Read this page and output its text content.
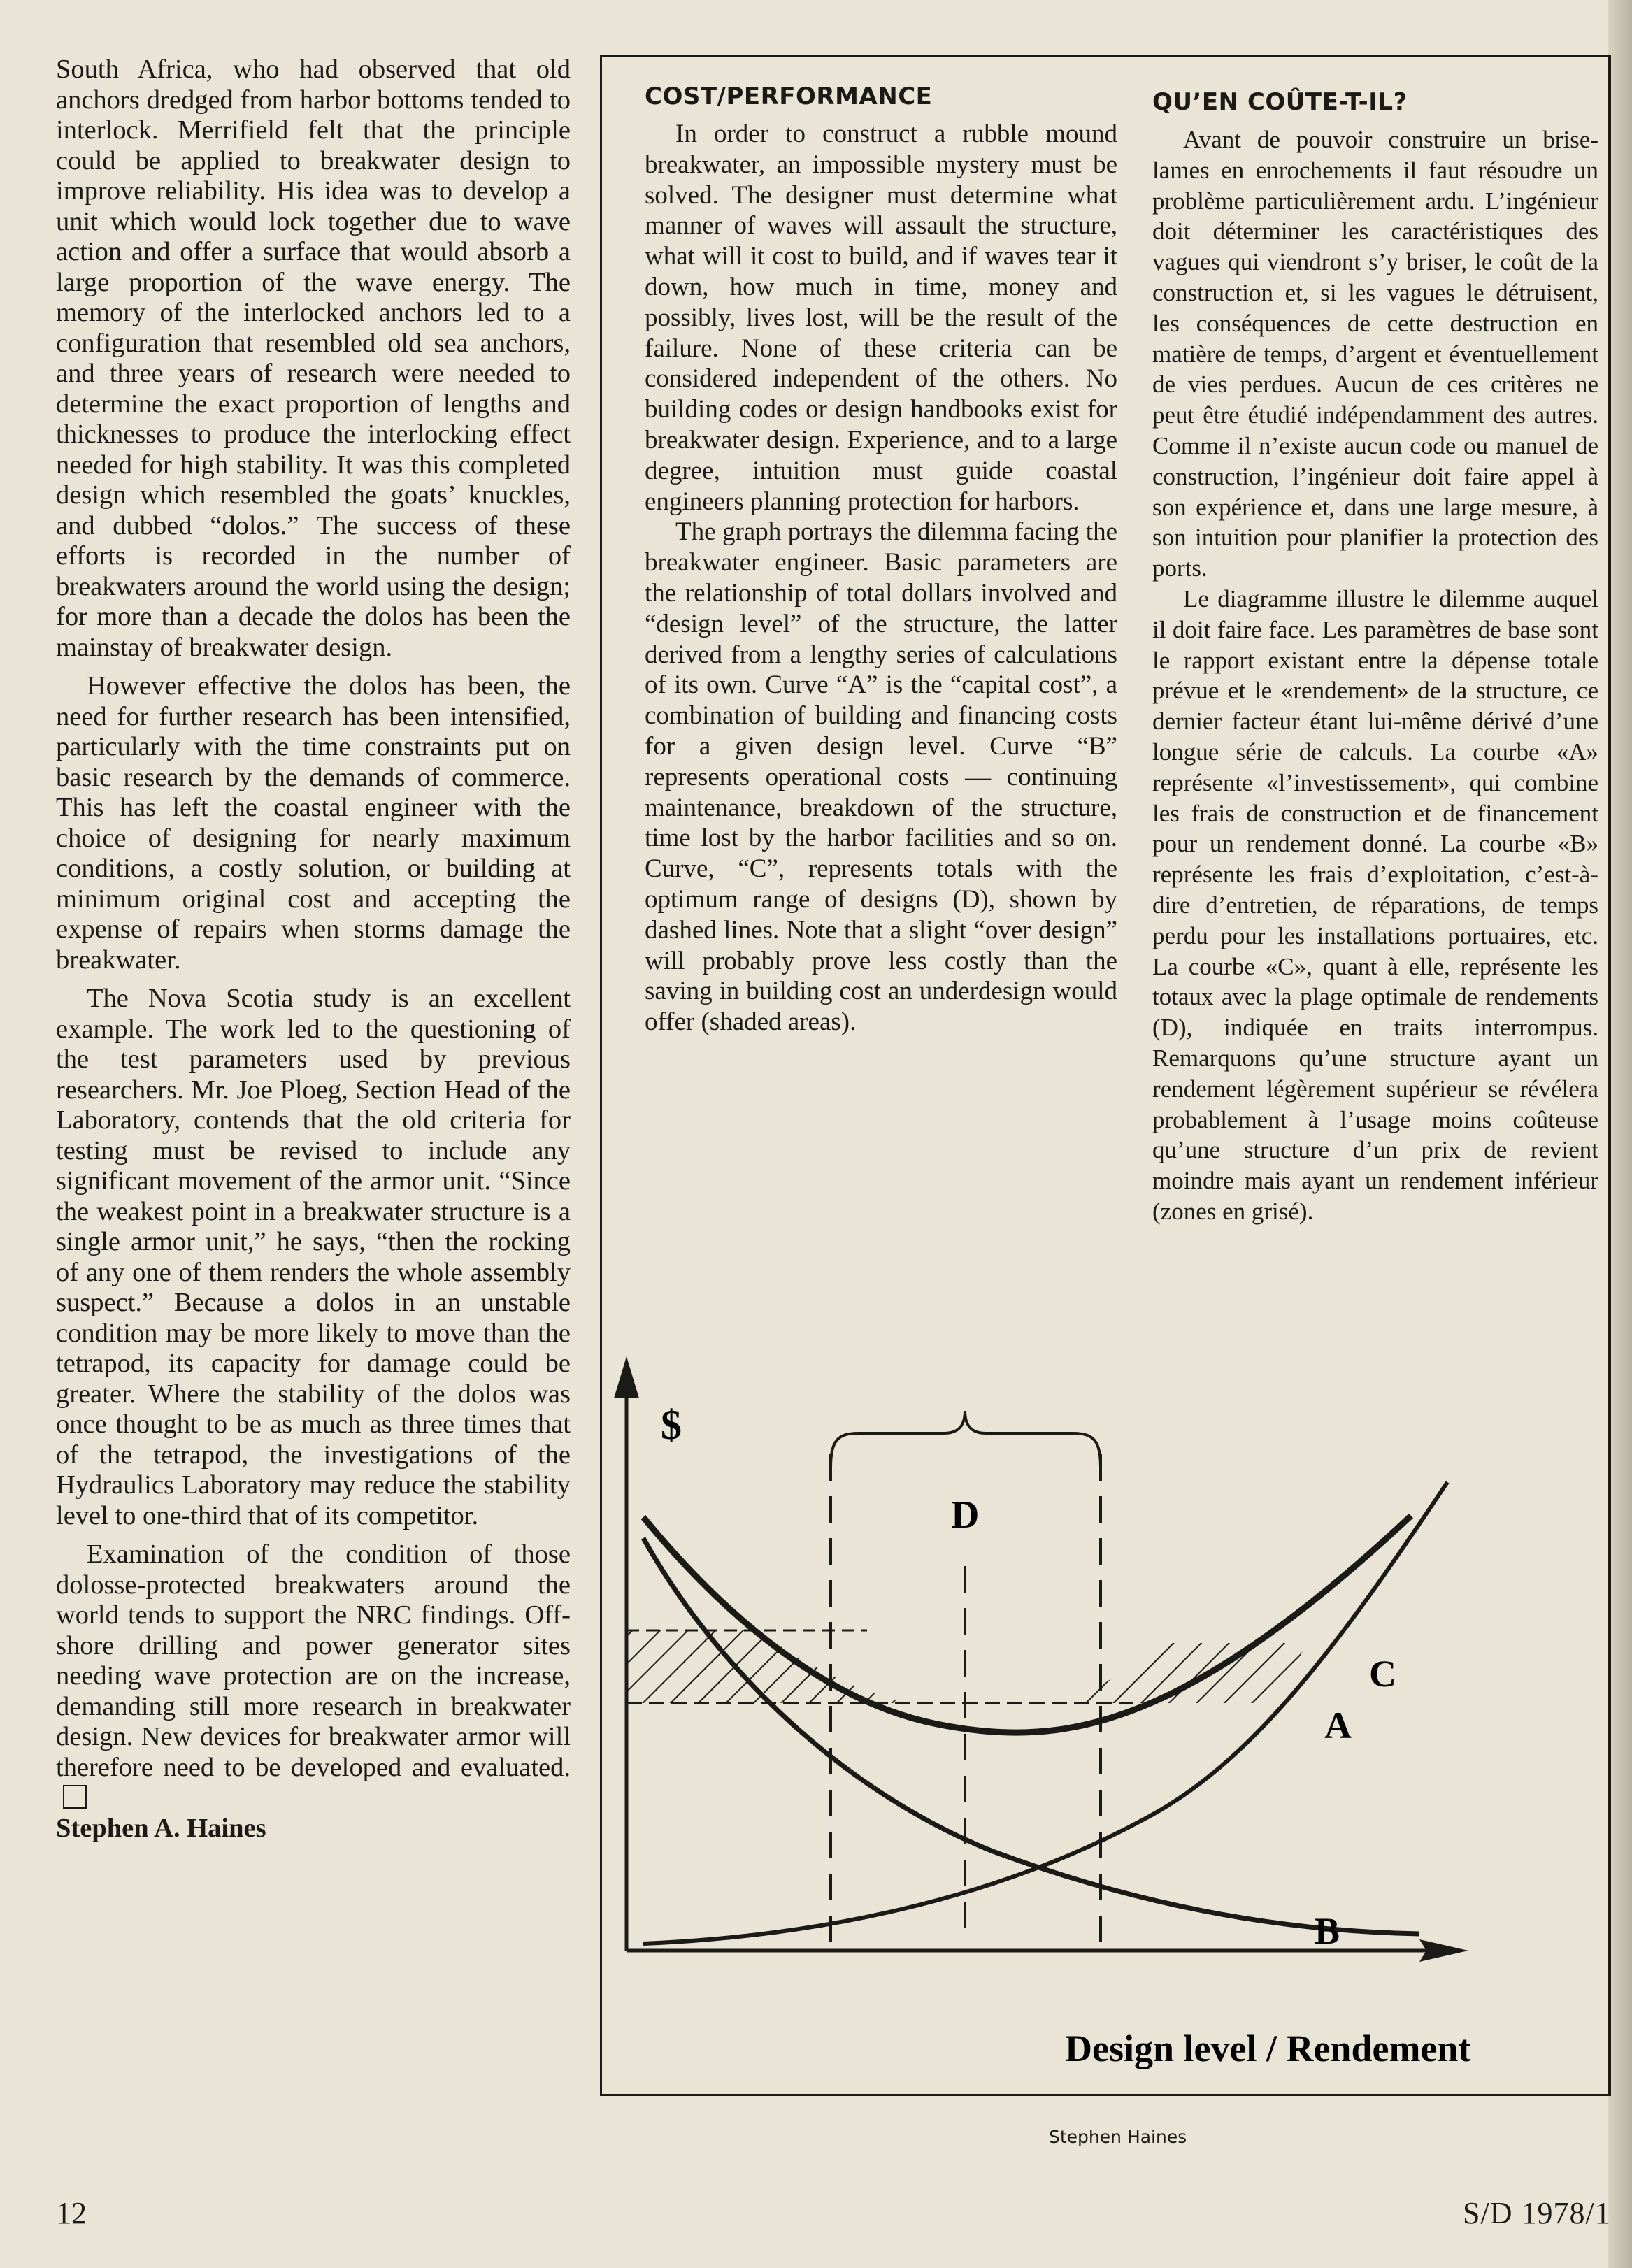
South Africa, who had observed that old anchors dredged from harbor bottoms tended to interlock. Merrifield felt that the principle could be applied to breakwater design to improve reliability. His idea was to develop a unit which would lock together due to wave action and offer a surface that would absorb a large proportion of the wave energy. The memory of the interlocked anchors led to a configuration that resembled old sea anchors, and three years of research were needed to determine the exact proportion of lengths and thicknesses to produce the interlocking effect needed for high stability. It was this completed design which resembled the goats’ knuckles, and dubbed “dolos.” The success of these efforts is recorded in the number of breakwaters around the world using the design; for more than a decade the dolos has been the mainstay of breakwater design.

However effective the dolos has been, the need for further research has been intensified, particularly with the time constraints put on basic research by the demands of commerce. This has left the coastal engineer with the choice of designing for nearly maximum conditions, a costly solution, or building at minimum original cost and accepting the expense of repairs when storms damage the breakwater.

The Nova Scotia study is an excellent example. The work led to the questioning of the test parameters used by previous researchers. Mr. Joe Ploeg, Section Head of the Laboratory, contends that the old criteria for testing must be revised to include any significant movement of the armor unit. “Since the weakest point in a breakwater structure is a single armor unit,” he says, “then the rocking of any one of them renders the whole assembly suspect.” Because a dolos in an unstable condition may be more likely to move than the tetrapod, its capacity for damage could be greater. Where the stability of the dolos was once thought to be as much as three times that of the tetrapod, the investigations of the Hydraulics Laboratory may reduce the stability level to one-third that of its competitor.

Examination of the condition of those dolosse-protected breakwaters around the world tends to support the NRC findings. Off-shore drilling and power generator sites needing wave protection are on the increase, demanding still more research in breakwater design. New devices for breakwater armor will therefore need to be developed and evaluated.

Stephen A. Haines

COST/PERFORMANCE

In order to construct a rubble mound breakwater, an impossible mystery must be solved. The designer must determine what manner of waves will assault the structure, what will it cost to build, and if waves tear it down, how much in time, money and possibly, lives lost, will be the result of the failure. None of these criteria can be considered independent of the others. No building codes or design handbooks exist for breakwater design. Experience, and to a large degree, intuition must guide coastal engineers planning protection for harbors.

The graph portrays the dilemma facing the breakwater engineer. Basic parameters are the relationship of total dollars involved and “design level” of the structure, the latter derived from a lengthy series of calculations of its own. Curve “A” is the “capital cost”, a combination of building and financing costs for a given design level. Curve “B” represents operational costs — continuing maintenance, breakdown of the structure, time lost by the harbor facilities and so on. Curve, “C”, represents totals with the optimum range of designs (D), shown by dashed lines. Note that a slight “over design” will probably prove less costly than the saving in building cost an underdesign would offer (shaded areas).

QU’EN COÛTE-T-IL?

Avant de pouvoir construire un brise-lames en enrochements il faut résoudre un problème particulièrement ardu. L’ingénieur doit déterminer les caractéristiques des vagues qui viendront s’y briser, le coût de la construction et, si les vagues le détruisent, les conséquences de cette destruction en matière de temps, d’argent et éventuellement de vies perdues. Aucun de ces critères ne peut être étudié indépendamment des autres. Comme il n’existe aucun code ou manuel de construction, l’ingénieur doit faire appel à son expérience et, dans une large mesure, à son intuition pour planifier la protection des ports.

Le diagramme illustre le dilemme auquel il doit faire face. Les paramètres de base sont le rapport existant entre la dépense totale prévue et le «rendement» de la structure, ce dernier facteur étant lui-même dérivé d’une longue série de calculs. La courbe «A» représente «l’investissement», qui combine les frais de construction et de financement pour un rendement donné. La courbe «B» représente les frais d’exploitation, c’est-à-dire d’entretien, de réparations, de temps perdu pour les installations portuaires, etc. La courbe «C», quant à elle, représente les totaux avec la plage optimale de rendements (D), indiquée en traits interrompus. Remarquons qu’une structure ayant un rendement légèrement supérieur se révélera probablement à l’usage moins coûteuse qu’une structure d’un prix de revient moindre mais ayant un rendement inférieur (zones en grisé).

$
D
C
A
B
Design level / Rendement
Stephen Haines
12	S/D 1978/1
